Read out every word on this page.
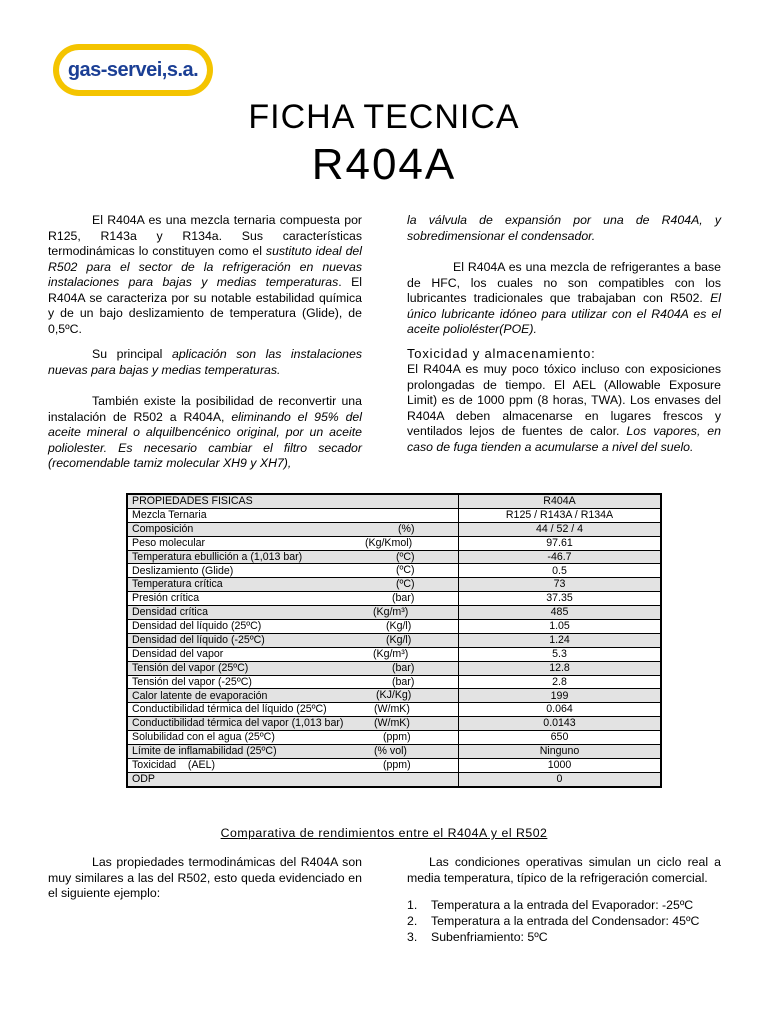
gas-servei,s.a.
FICHA TECNICA
R404A

El R404A es una mezcla ternaria compuesta por R125, R143a y R134a. Sus características termodinámicas lo constituyen como el sustituto ideal del R502 para el sector de la refrigeración en nuevas instalaciones para bajas y medias temperaturas. El R404A se caracteriza por su notable estabilidad química y de un bajo deslizamiento de temperatura (Glide), de 0,5ºC.

Su principal aplicación son las instalaciones nuevas para bajas y medias temperaturas.

También existe la posibilidad de reconvertir una instalación de R502 a R404A, eliminando el 95% del aceite mineral o alquilbencénico original, por un aceite poliolester. Es necesario cambiar el filtro secador (recomendable tamiz molecular XH9 y XH7),

la válvula de expansión por una de R404A, y sobredimensionar el condensador.

El R404A es una mezcla de refrigerantes a base de HFC, los cuales no son compatibles con los lubricantes tradicionales que trabajaban con R502. El único lubricante idóneo para utilizar con el R404A es el aceite polioléster(POE).

Toxicidad y almacenamiento:

El R404A es muy poco tóxico incluso con exposiciones prolongadas de tiempo. El AEL (Allowable Exposure Limit) es de 1000 ppm (8 horas, TWA). Los envases del R404A deben almacenarse en lugares frescos y ventilados lejos de fuentes de calor. Los vapores, en caso de fuga tienden a acumularse a nivel del suelo.

PROPIEDADES FISICAS	R404A
Mezcla Ternaria	R125 / R143A / R134A
Composición (%)	44 / 52 / 4
Peso molecular (Kg/Kmol)	97.61
Temperatura ebullición a (1,013 bar) (ºC)	-46.7
Deslizamiento (Glide) (ºC)	0.5
Temperatura crítica (ºC)	73
Presión crítica (bar)	37.35
Densidad crítica (Kg/m³)	485
Densidad del líquido (25ºC) (Kg/l)	1.05
Densidad del líquido (-25ºC) (Kg/l)	1.24
Densidad del vapor (Kg/m³)	5.3
Tensión del vapor (25ºC) (bar)	12.8
Tensión del vapor (-25ºC) (bar)	2.8
Calor latente de evaporación (KJ/Kg)	199
Conductibilidad térmica del líquido (25ºC) (W/mK)	0.064
Conductibilidad térmica del vapor (1,013 bar) (W/mK)	0.0143
Solubilidad con el agua (25ºC) (ppm)	650
Límite de inflamabilidad (25ºC) (% vol)	Ninguno
Toxicidad    (AEL) (ppm)	1000
ODP	0
Comparativa de rendimientos entre el R404A y el R502

Las propiedades termodinámicas del R404A son muy similares a las del R502, esto queda evidenciado en el siguiente ejemplo:

Las condiciones operativas simulan un ciclo real a media temperatura, típico de la refrigeración comercial.

1.	Temperatura a la entrada del Evaporador: -25ºC
2.	Temperatura a la entrada del Condensador: 45ºC
3.	Subenfriamiento: 5ºC
